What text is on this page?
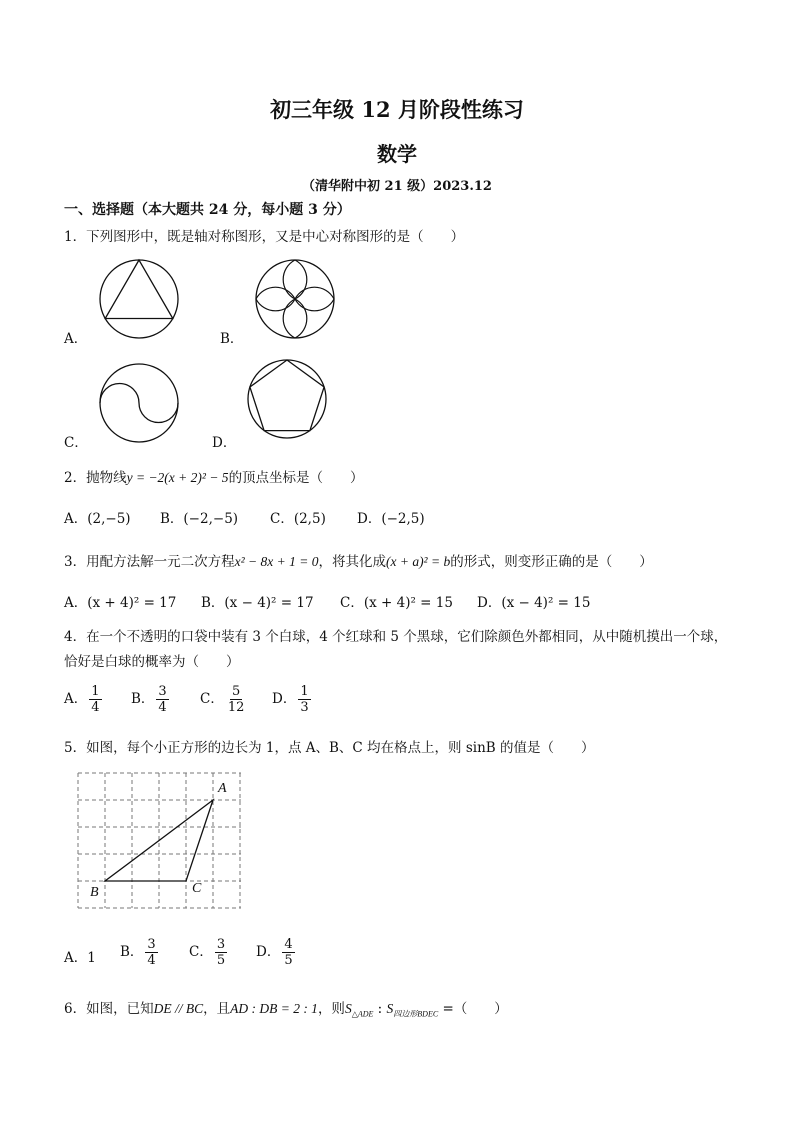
初三年级 12 月阶段性练习
数学
（清华附中初 21 级）2023.12
一、选择题（本大题共 24 分，每小题 3 分）
1．下列图形中，既是轴对称图形，又是中心对称图形的是（　　）
A．	B．
C．	D．
2．抛物线y = −2(x + 2)² − 5的顶点坐标是（　　）
A．(2,−5) B．(−2,−5) C．(2,5) D．(−2,5)
3．用配方法解一元二次方程x² − 8x + 1 = 0，将其化成(x + a)² = b的形式，则变形正确的是（　　）
A．(x + 4)² = 17 B．(x − 4)² = 17 C．(x + 4)² = 15 D．(x − 4)² = 15
4．在一个不透明的口袋中装有 3 个白球，4 个红球和 5 个黑球，它们除颜色外都相同，从中随机摸出一个球，
恰好是白球的概率为（　　）
A． $\frac{1}{4}$ B． $\frac{3}{4}$ C． $\frac{5}{12}$ D． $\frac{1}{3}$
5．如图，每个小正方形的边长为 1，点 A、B、C 均在格点上，则 sinB 的值是（　　）
A
B	C
A．1 B． $\frac{3}{4}$ C． $\frac{3}{5}$ D． $\frac{4}{5}$
6．如图，已知DE // BC，且AD : DB = 2 : 1，则$S_{\triangle ADE}$ : $S_{四边形BDEC}$ =（　　）
